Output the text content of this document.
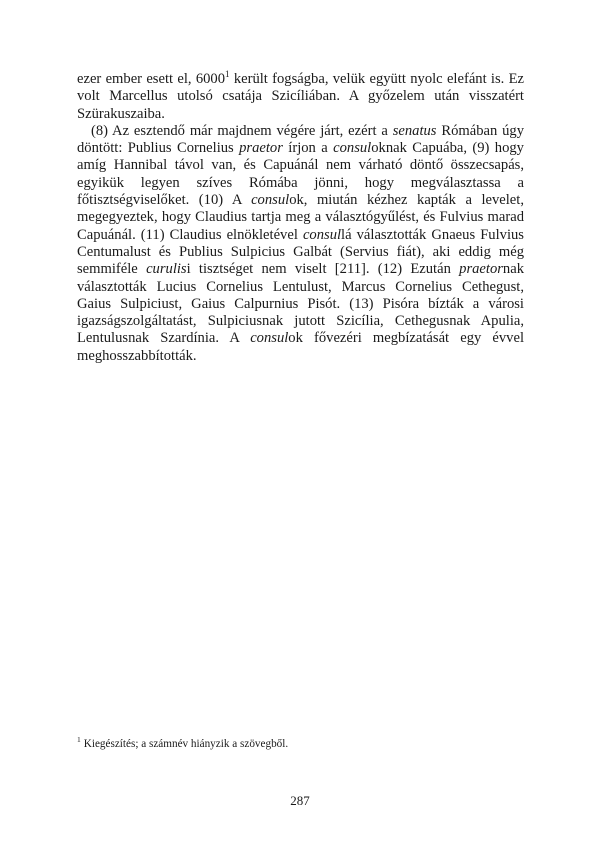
ezer ember esett el, 6000$^1$ került fogságba, velük együtt nyolc elefánt is. Ez volt Marcellus utolsó csatája Szicíliában. A győzelem után visszatért Szürakuszaiba.

(8) Az esztendő már majdnem végére járt, ezért a senatus Rómában úgy döntött: Publius Cornelius praetor írjon a consuloknak Capuába, (9) hogy amíg Hannibal távol van, és Capuánál nem várható döntő összecsapás, egyikük legyen szíves Rómába jönni, hogy megválasztassa a főtisztségviselőket. (10) A consulok, miután kézhez kapták a levelet, megegyeztek, hogy Claudius tartja meg a választógyűlést, és Fulvius marad Capuánál. (11) Claudius elnökletével consullá választották Gnaeus Fulvius Centumalust és Publius Sulpicius Galbát (Servius fiát), aki eddig még semmiféle curulisi tisztséget nem viselt [211]. (12) Ezután praetornak választották Lucius Cornelius Lentulust, Marcus Cornelius Cethegust, Gaius Sulpiciust, Gaius Calpurnius Pisót. (13) Pisóra bízták a városi igazságszolgáltatást, Sulpiciusnak jutott Szicília, Cethegusnak Apulia, Lentulusnak Szardínia. A consulok fővezéri megbízatását egy évvel meghosszabbították.

$^1$ Kiegészítés; a számnév hiányzik a szövegből.
287
